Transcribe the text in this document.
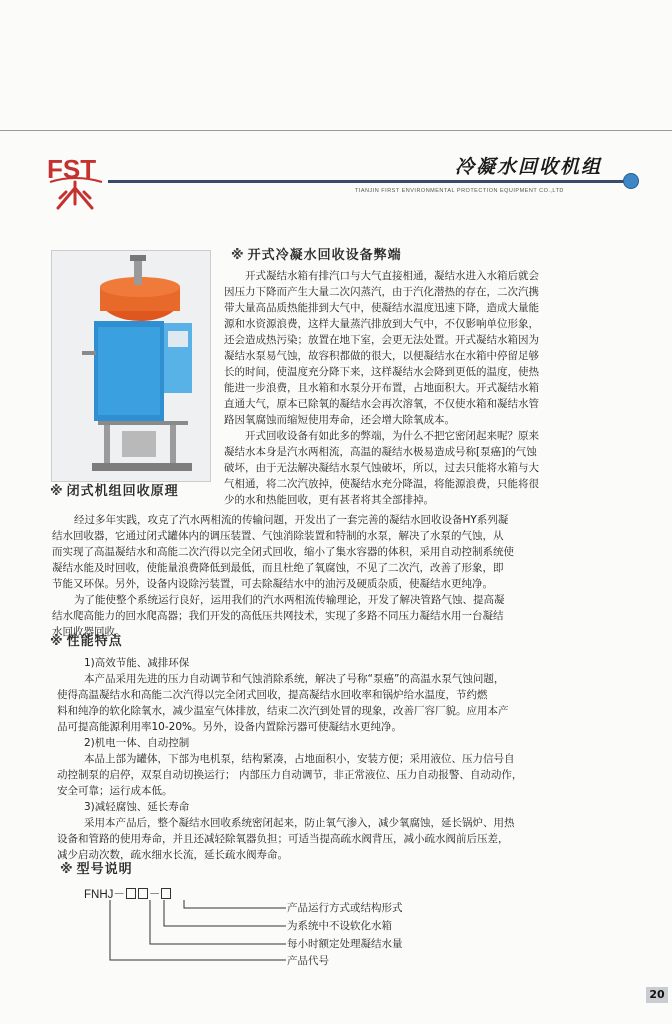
FST	冷凝水回收机组
TIANJIN FIRST ENVIRONMENTAL PROTECTION EQUIPMENT CO.,LTD
※ 开式冷凝水回收设备弊端
开式凝结水箱有排汽口与大气直接相通，凝结水进入水箱后就会
因压力下降而产生大量二次闪蒸汽，由于汽化潜热的存在，二次汽携
带大量高品质热能排到大气中，使凝结水温度迅速下降，造成大量能
源和水资源浪费，这样大量蒸汽排放到大气中，不仅影响单位形象，
还会造成热污染；放置在地下室，会更无法处置。开式凝结水箱因为
凝结水泵易气蚀，故容积都做的很大，以便凝结水在水箱中停留足够
长的时间，使温度充分降下来，这样凝结水会降到更低的温度，使热
能进一步浪费，且水箱和水泵分开布置，占地面积大。开式凝结水箱
直通大气，原本已除氧的凝结水会再次溶氧，不仅使水箱和凝结水管
路因氧腐蚀而缩短使用寿命，还会增大除氧成本。
开式回收设备有如此多的弊端，为什么不把它密闭起来呢？原来
凝结水本身是汽水两相流，高温的凝结水极易造成号称[泵癌]的气蚀
破坏，由于无法解决凝结水泵气蚀破坏，所以，过去只能将水箱与大
气相通，将二次汽放掉，使凝结水充分降温，将能源浪费，只能将很
少的水和热能回收，更有甚者将其全部排掉。
※ 闭式机组回收原理
经过多年实践，攻克了汽水两相流的传输问题，开发出了一套完善的凝结水回收设备HY系列凝
结水回收器，它通过闭式罐体内的调压装置、气蚀消除装置和特制的水泵，解决了水泵的气蚀，从
而实现了高温凝结水和高能二次汽得以完全闭式回收，缩小了集水容器的体积，采用自动控制系统使
凝结水能及时回收，使能量浪费降低到最低，而且杜绝了氧腐蚀，不见了二次汽，改善了形象，即
节能又环保。另外，设备内设除污装置，可去除凝结水中的油污及硬质杂质，使凝结水更纯净。
为了能使整个系统运行良好，运用我们的汽水两相流传输理论，开发了解决管路气蚀、提高凝
结水爬高能力的回水爬高器；我们开发的高低压共网技术，实现了多路不同压力凝结水用一台凝结
水回收器回收。
※ 性能特点
1)高效节能、减排环保
本产品采用先进的压力自动调节和气蚀消除系统，解决了号称“泵癌”的高温水泵气蚀问题，
使得高温凝结水和高能二次汽得以完全闭式回收，提高凝结水回收率和锅炉给水温度，节约燃
料和纯净的软化除氧水，减少温室气体排放，结束二次汽到处冒的现象，改善厂容厂貌。应用本产
品可提高能源利用率10-20%。另外，设备内置除污器可使凝结水更纯净。
2)机电一体、自动控制
本品上部为罐体，下部为电机泵，结构紧凑，占地面积小，安装方便；采用液位、压力信号自
动控制泵的启停，双泵自动切换运行； 内部压力自动调节，非正常液位、压力自动报警、自动动作，
安全可靠；运行成本低。
3)减轻腐蚀、延长寿命
采用本产品后，整个凝结水回收系统密闭起来，防止氧气渗入，减少氧腐蚀，延长锅炉、用热
设备和管路的使用寿命，并且还减轻除氧器负担；可适当提高疏水阀背压，减小疏水阀前后压差，
减少启动次数，疏水细水长流，延长疏水阀寿命。
※ 型号说明
FNHJ－ －
产品运行方式或结构形式
为系统中不设软化水箱
每小时额定处理凝结水量
产品代号
20
